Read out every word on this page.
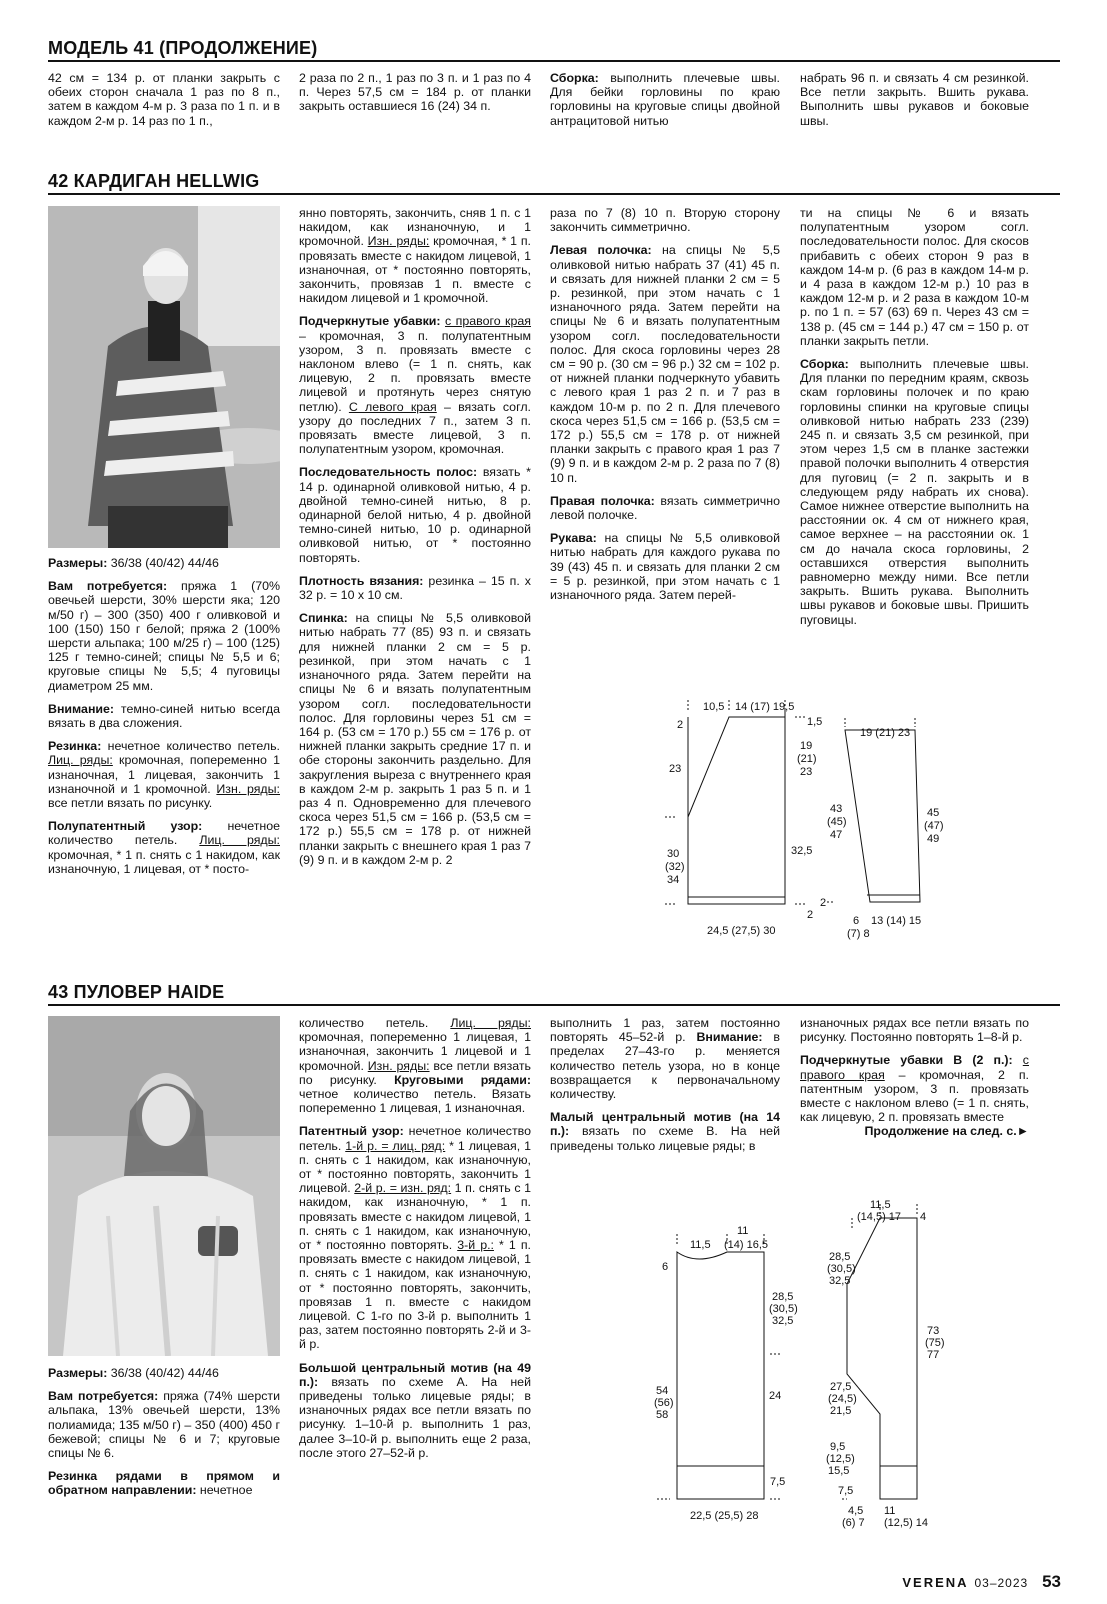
МОДЕЛЬ 41 (ПРОДОЛЖЕНИЕ)

42 см = 134 р. от планки закрыть с обеих сторон сначала 1 раз по 8 п., затем в каждом 4-м р. 3 раза по 1 п. и в каждом 2-м р. 14 раз по 1 п.,

2 раза по 2 п., 1 раз по 3 п. и 1 раз по 4 п. Через 57,5 см = 184 р. от планки закрыть оставшиеся 16 (24) 34 п.

Сборка: выполнить плечевые швы. Для бейки горловины по краю горловины на круговые спицы двойной антрацитовой нитью

набрать 96 п. и связать 4 см резинкой. Все петли закрыть. Вшить рукава. Выполнить швы рукавов и боковые швы.

42 КАРДИГАН HELLWIG

Размеры: 36/38 (40/42) 44/46

Вам потребуется: пряжа 1 (70% овечьей шерсти, 30% шерсти яка; 120 м/50 г) – 300 (350) 400 г оливковой и 100 (150) 150 г белой; пряжа 2 (100% шерсти альпака; 100 м/25 г) – 100 (125) 125 г темно-синей; спицы № 5,5 и 6; круговые спицы № 5,5; 4 пуговицы диаметром 25 мм.

Внимание: темно-синей нитью всегда вязать в два сложения.

Резинка: нечетное количество петель. Лиц. ряды: кромочная, попеременно 1 изнаночная, 1 лицевая, закончить 1 изнаночной и 1 кромочной. Изн. ряды: все петли вязать по рисунку.

Полупатентный узор: нечетное количество петель. Лиц. ряды: кромочная, * 1 п. снять с 1 накидом, как изнаночную, 1 лицевая, от * посто-

янно повторять, закончить, сняв 1 п. с 1 накидом, как изнаночную, и 1 кромочной. Изн. ряды: кромочная, * 1 п. провязать вместе с накидом лицевой, 1 изнаночная, от * постоянно повторять, закончить, провязав 1 п. вместе с накидом лицевой и 1 кромочной.

Подчеркнутые убавки: с правого края – кромочная, 3 п. полупатентным узором, 3 п. провязать вместе с наклоном влево (= 1 п. снять, как лицевую, 2 п. провязать вместе лицевой и протянуть через снятую петлю). С левого края – вязать согл. узору до последних 7 п., затем 3 п. провязать вместе лицевой, 3 п. полупатентным узором, кромочная.

Последовательность полос: вязать * 14 р. одинарной оливковой нитью, 4 р. двойной темно-синей нитью, 8 р. одинарной белой нитью, 4 р. двойной темно-синей нитью, 10 р. одинарной оливковой нитью, от * постоянно повторять.

Плотность вязания: резинка – 15 п. х 32 р. = 10 х 10 см.

Спинка: на спицы № 5,5 оливковой нитью набрать 77 (85) 93 п. и связать для нижней планки 2 см = 5 р. резинкой, при этом начать с 1 изнаночного ряда. Затем перейти на спицы № 6 и вязать полупатентным узором согл. последовательности полос. Для горловины через 51 см = 164 р. (53 см = 170 р.) 55 см = 176 р. от нижней планки закрыть средние 17 п. и обе стороны закончить раздельно. Для закругления выреза с внутреннего края в каждом 2-м р. закрыть 1 раз 5 п. и 1 раз 4 п. Одновременно для плечевого скоса через 51,5 см = 166 р. (53,5 см = 172 р.) 55,5 см = 178 р. от нижней планки закрыть с внешнего края 1 раз 7 (9) 9 п. и в каждом 2-м р. 2

раза по 7 (8) 10 п. Вторую сторону закончить симметрично.

Левая полочка: на спицы № 5,5 оливковой нитью набрать 37 (41) 45 п. и связать для нижней планки 2 см = 5 р. резинкой, при этом начать с 1 изнаночного ряда. Затем перейти на спицы № 6 и вязать полупатентным узором согл. последовательности полос. Для скоса горловины через 28 см = 90 р. (30 см = 96 р.) 32 см = 102 р. от нижней планки подчеркнуто убавить с левого края 1 раз 2 п. и 7 раз в каждом 10-м р. по 2 п. Для плечевого скоса через 51,5 см = 166 р. (53,5 см = 172 р.) 55,5 см = 178 р. от нижней планки закрыть с правого края 1 раз 7 (9) 9 п. и в каждом 2-м р. 2 раза по 7 (8) 10 п.

Правая полочка: вязать симметрично левой полочке.

Рукава: на спицы № 5,5 оливковой нитью набрать для каждого рукава по 39 (43) 45 п. и связать для планки 2 см = 5 р. резинкой, при этом начать с 1 изнаночного ряда. Затем перей-

ти на спицы № 6 и вязать полупатентным узором согл. последовательности полос. Для скосов прибавить с обеих сторон 9 раз в каждом 14-м р. (6 раз в каждом 14-м р. и 4 раза в каждом 12-м р.) 10 раз в каждом 12-м р. и 2 раза в каждом 10-м р. по 1 п. = 57 (63) 69 п. Через 43 см = 138 р. (45 см = 144 р.) 47 см = 150 р. от планки закрыть петли.

Сборка: выполнить плечевые швы. Для планки по передним краям, сквозь скам горловины полочек и по краю горловины спинки на круговые спицы оливковой нитью набрать 233 (239) 245 п. и связать 3,5 см резинкой, при этом через 1,5 см в планке застежки правой полочки выполнить 4 отверстия для пуговиц (= 2 п. закрыть и в следующем ряду набрать их снова). Самое нижнее отверстие выполнить на расстоянии ок. 4 см от нижнего края, самое верхнее – на расстоянии ок. 1 см до начала скоса горловины, 2 оставшихся отверстия выполнить равномерно между ними. Все петли закрыть. Вшить рукава. Выполнить швы рукавов и боковые швы. Пришить пуговицы.

10,5 14 (17) 19,5
2	1,5
23
19
(21)
23
30
(32)
34
32,5
2
24,5 (27,5) 30
19 (21) 23
43
(45)
47
45
(47)
49
2
6 13 (14) 15
(7) 8
43 ПУЛОВЕР HAIDE

Размеры: 36/38 (40/42) 44/46

Вам потребуется: пряжа (74% шерсти альпака, 13% овечьей шерсти, 13% полиамида; 135 м/50 г) – 350 (400) 450 г бежевой; спицы № 6 и 7; круговые спицы № 6.

Резинка рядами в прямом и обратном направлении: нечетное

количество петель. Лиц. ряды: кромочная, попеременно 1 лицевая, 1 изнаночная, закончить 1 лицевой и 1 кромочной. Изн. ряды: все петли вязать по рисунку. Круговыми рядами: четное количество петель. Вязать попеременно 1 лицевая, 1 изнаночная.

Патентный узор: нечетное количество петель. 1-й р. = лиц. ряд: * 1 лицевая, 1 п. снять с 1 накидом, как изнаночную, от * постоянно повторять, закончить 1 лицевой. 2-й р. = изн. ряд: 1 п. снять с 1 накидом, как изнаночную, * 1 п. провязать вместе с накидом лицевой, 1 п. снять с 1 накидом, как изнаночную, от * постоянно повторять. 3-й р.: * 1 п. провязать вместе с накидом лицевой, 1 п. снять с 1 накидом, как изнаночную, от * постоянно повторять, закончить, провязав 1 п. вместе с накидом лицевой. С 1-го по 3-й р. выполнить 1 раз, затем постоянно повторять 2-й и 3-й р.

Большой центральный мотив (на 49 п.): вязать по схеме А. На ней приведены только лицевые ряды; в изнаночных рядах все петли вязать по рисунку. 1–10-й р. выполнить 1 раз, далее 3–10-й р. выполнить еще 2 раза, после этого 27–52-й р.

выполнить 1 раз, затем постоянно повторять 45–52-й р. Внимание: в пределах 27–43-го р. меняется количество петель узора, но в конце возвращается к первоначальному количеству.

Малый центральный мотив (на 14 п.): вязать по схеме В. На ней приведены только лицевые ряды; в

изнаночных рядах все петли вязать по рисунку. Постоянно повторять 1–8-й р.

Подчеркнутые убавки В (2 п.): с правого края – кромочная, 2 п. патентным узором, 3 п. провязать вместе с наклоном влево (= 1 п. снять, как лицевую, 2 п. провязать вместе
Продолжение на след. с.►

11,5
11
(14) 16,5
6
28,5
(30,5)
32,5
54
(56)
58
24
7,5
22,5 (25,5) 28
11,5
(14,5) 17 4
28,5
(30,5)
32,5
73
(75)
77
27,5
(24,5)
21,5
9,5
(12,5)
15,5
7,5
4,5 11
(6) 7 (12,5) 14
VERENA 03–2023 53
